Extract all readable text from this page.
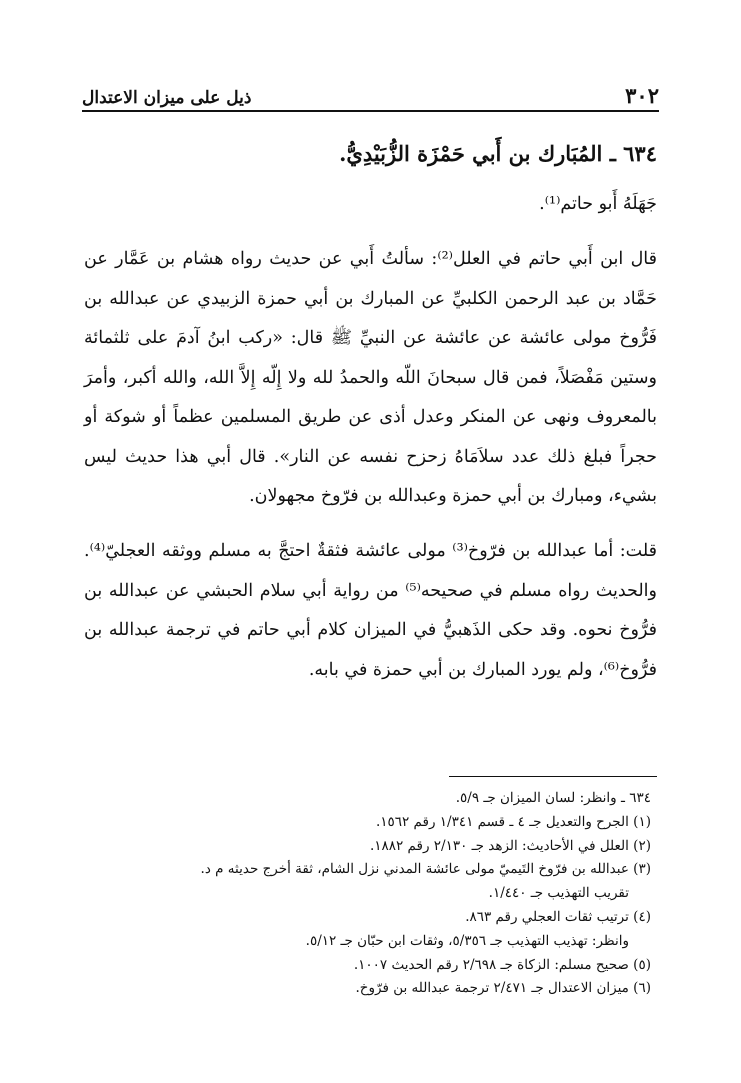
٣٠٢
ذيل على ميزان الاعتدال
٦٣٤ ـ المُبَارك بن أَبي حَمْزَة الزُّبَيْدِيُّ.

جَهَلَهُ أَبو حاتم⁽¹⁾.

قال ابن أَبي حاتم في العلل⁽²⁾: سألتُ أَبي عن حديث رواه هشام بن عَمَّار عن حَمَّاد بن عبد الرحمن الكلبيِّ عن المبارك بن أبي حمزة الزبيدي عن عبدالله بن فَرُّوخ مولى عائشة عن عائشة عن النبيِّ ﷺ قال: «ركب ابنُ آدمَ على ثلثمائة وستين مَفْصَلاً، فمن قال سبحانَ اللّه والحمدُ لله ولا إِلّه إِلاَّ الله، والله أكبر، وأمرَ بالمعروف ونهى عن المنكر وعدل أذى عن طريق المسلمين عظماً أو شوكة أو حجراً فبلغ ذلك عدد سلاَمَاهُ زحزح نفسه عن النار». قال أبي هذا حديث ليس بشيء، ومبارك بن أبي حمزة وعبدالله بن فرّوخ مجهولان.

قلت: أما عبدالله بن فرّوخ⁽³⁾ مولى عائشة فثقةٌ احتجَّ به مسلم ووثقه العجليّ⁽⁴⁾. والحديث رواه مسلم في صحيحه⁽⁵⁾ من رواية أبي سلام الحبشي عن عبدالله بن فرُّوخ نحوه. وقد حكى الذَهبيُّ في الميزان كلام أبي حاتم في ترجمة عبدالله بن فرُّوخ⁽⁶⁾، ولم يورد المبارك بن أبي حمزة في بابه.

٦٣٤ ـ وانظر: لسان الميزان جـ ٥/٩.
(١) الجرح والتعديل جـ ٤ ـ قسم ١/٣٤١ رقم ١٥٦٢.
(٢) العلل في الأحاديث: الزهد جـ ٢/١٣٠ رقم ١٨٨٢.
(٣) عبدالله بن فرّوخ التَيميّ مولى عائشة المدني نزل الشام، ثقة أخرج حديثه م د.
تقريب التهذيب جـ ١/٤٤٠.
(٤) ترتيب ثقات العجلي رقم ٨٦٣.
وانظر: تهذيب التهذيب جـ ٥/٣٥٦، وثقات ابن حبّان جـ ٥/١٢.
(٥) صحيح مسلم: الزكاة جـ ٢/٦٩٨ رقم الحديث ١٠٠٧.
(٦) ميزان الاعتدال جـ ٢/٤٧١ ترجمة عبدالله بن فرّوخ.
